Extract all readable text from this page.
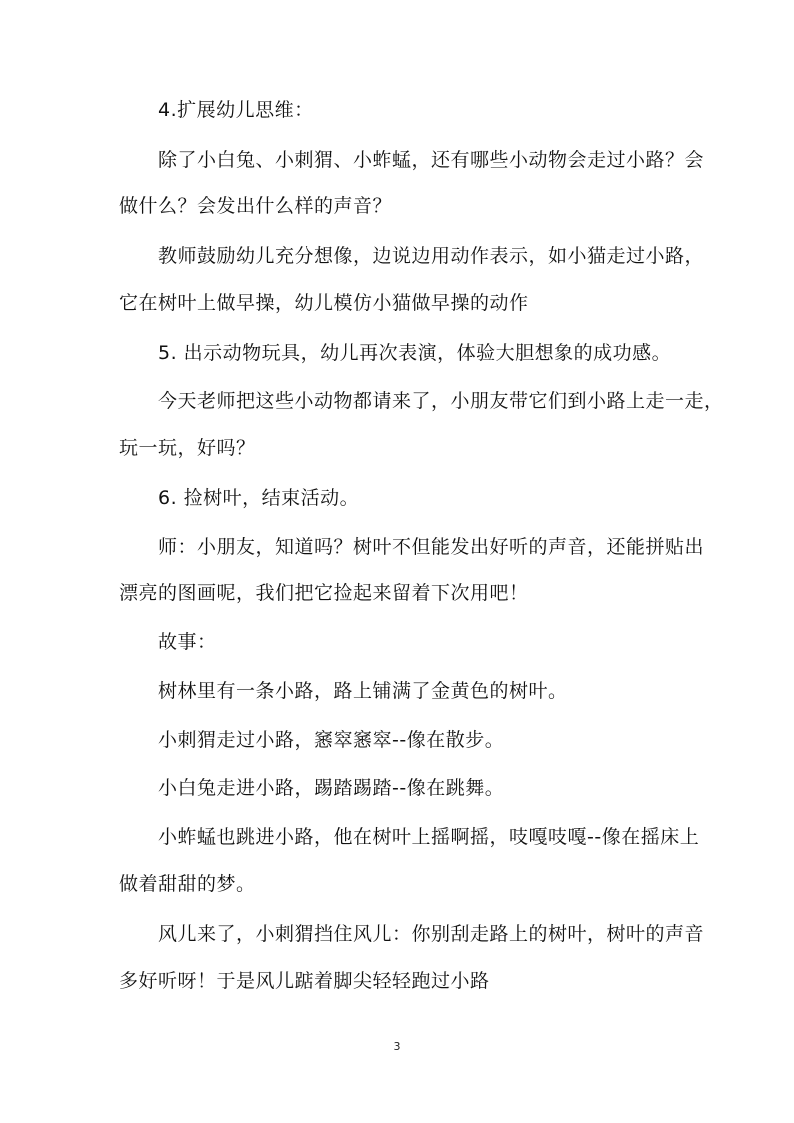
4.扩展幼儿思维：
除了小白兔、小刺猬、小蚱蜢，还有哪些小动物会走过小路？会
做什么？会发出什么样的声音？
教师鼓励幼儿充分想像，边说边用动作表示，如小猫走过小路，
它在树叶上做早操，幼儿模仿小猫做早操的动作
5. 出示动物玩具，幼儿再次表演，体验大胆想象的成功感。
今天老师把这些小动物都请来了，小朋友带它们到小路上走一走，
玩一玩，好吗？
6. 捡树叶，结束活动。
师：小朋友，知道吗？树叶不但能发出好听的声音，还能拼贴出
漂亮的图画呢，我们把它捡起来留着下次用吧！
故事：
树林里有一条小路，路上铺满了金黄色的树叶。
小刺猬走过小路，窸窣窸窣--像在散步。
小白兔走进小路，踢踏踢踏--像在跳舞。
小蚱蜢也跳进小路，他在树叶上摇啊摇，吱嘎吱嘎--像在摇床上
做着甜甜的梦。
风儿来了，小刺猬挡住风儿：你别刮走路上的树叶，树叶的声音
多好听呀！于是风儿踮着脚尖轻轻跑过小路
3
